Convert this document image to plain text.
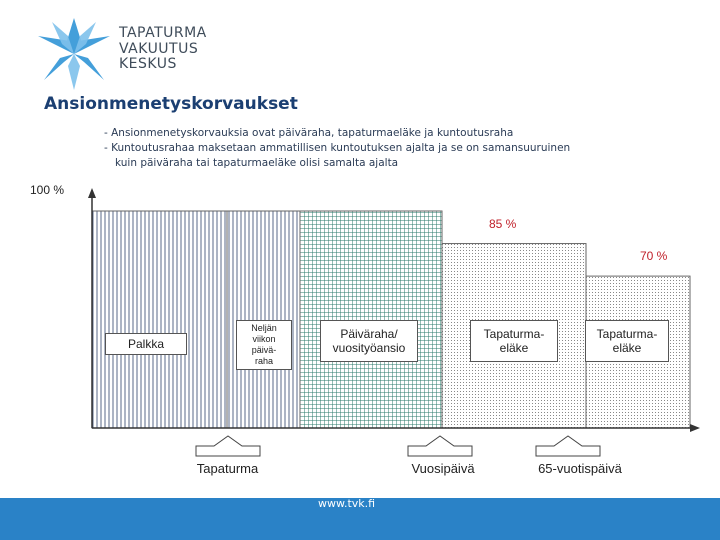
TAPATURMA
VAKUUTUS
KESKUS
Ansionmenetyskorvaukset
- Ansionmenetyskorvauksia ovat päiväraha, tapaturmaeläke ja kuntoutusraha
- Kuntoutusrahaa maksetaan ammatillisen kuntoutuksen ajalta ja se on samansuuruinen kuin päiväraha tai tapaturmaeläke olisi samalta ajalta
100 %
85 %
70 %
Palkka
Neljän
viikon
päivä-
raha
Päiväraha/
vuosityöansio
Tapaturma-
eläke
Tapaturma-
eläke
Tapaturma	Vuosipäivä	65-vuotispäivä
www.tvk.fi
79
